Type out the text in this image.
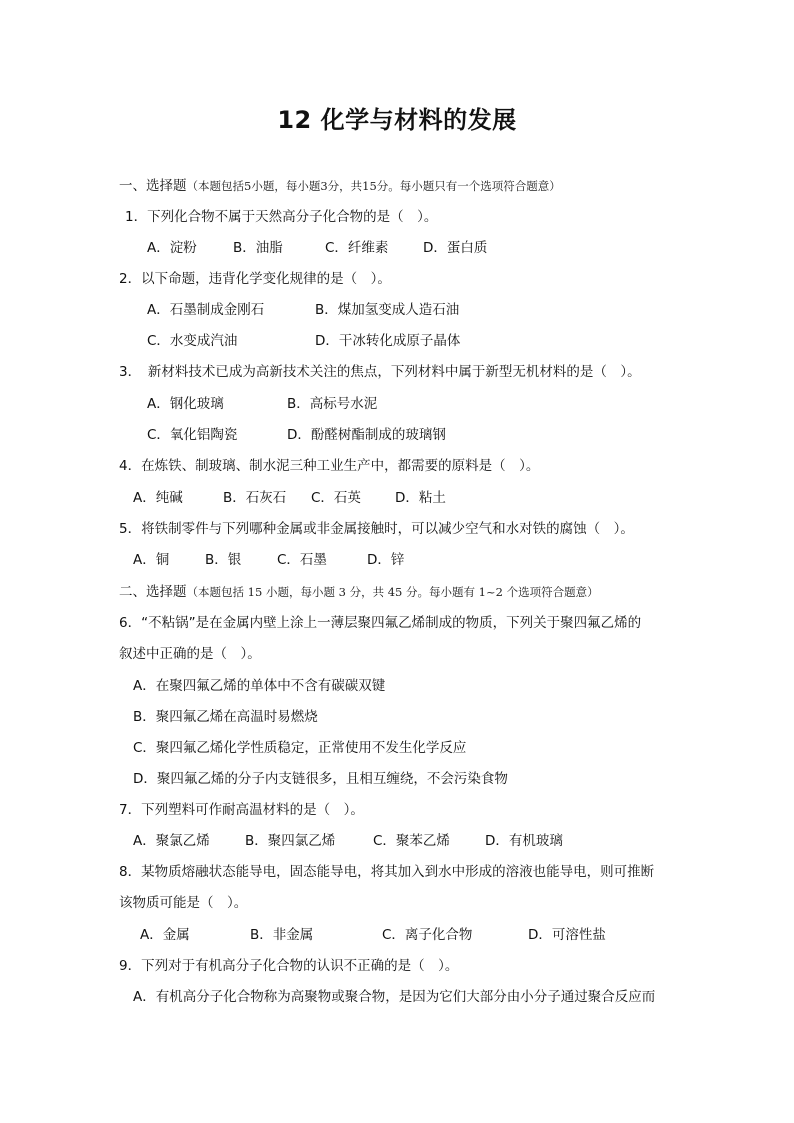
12 化学与材料的发展
一、选择题（本题包括5小题，每小题3分，共15分。每小题只有一个选项符合题意）
1．下列化合物不属于天然高分子化合物的是（　）。
A．淀粉	B．油脂	C．纤维素	D．蛋白质
2．以下命题，违背化学变化规律的是（　）。
A．石墨制成金刚石	B．煤加氢变成人造石油
C．水变成汽油	D．干冰转化成原子晶体
3．　新材料技术已成为高新技术关注的焦点，下列材料中属于新型无机材料的是（　）。
A．钢化玻璃	B．高标号水泥
C．氧化铝陶瓷	D．酚醛树酯制成的玻璃钢
4．在炼铁、制玻璃、制水泥三种工业生产中，都需要的原料是（　）。
A．纯碱	B．石灰石 C．石英	D．粘土
5．将铁制零件与下列哪种金属或非金属接触时，可以减少空气和水对铁的腐蚀（　）。
A．铜	B．银	C．石墨	D．锌
二、选择题（本题包括 15 小题，每小题 3 分，共 45 分。每小题有 1~2 个选项符合题意）
6．“不粘锅”是在金属内壁上涂上一薄层聚四氟乙烯制成的物质，下列关于聚四氟乙烯的
叙述中正确的是（　）。
A．在聚四氟乙烯的单体中不含有碳碳双键
B．聚四氟乙烯在高温时易燃烧
C．聚四氟乙烯化学性质稳定，正常使用不发生化学反应
D．聚四氟乙烯的分子内支链很多，且相互缠绕，不会污染食物
7．下列塑料可作耐高温材料的是（　）。
A．聚氯乙烯	B．聚四氯乙烯	C．聚苯乙烯	D．有机玻璃
8．某物质熔融状态能导电，固态能导电，将其加入到水中形成的溶液也能导电，则可推断
该物质可能是（　）。
A．金属	B．非金属	C．离子化合物	D．可溶性盐
9．下列对于有机高分子化合物的认识不正确的是（　）。
A．有机高分子化合物称为高聚物或聚合物，是因为它们大部分由小分子通过聚合反应而
